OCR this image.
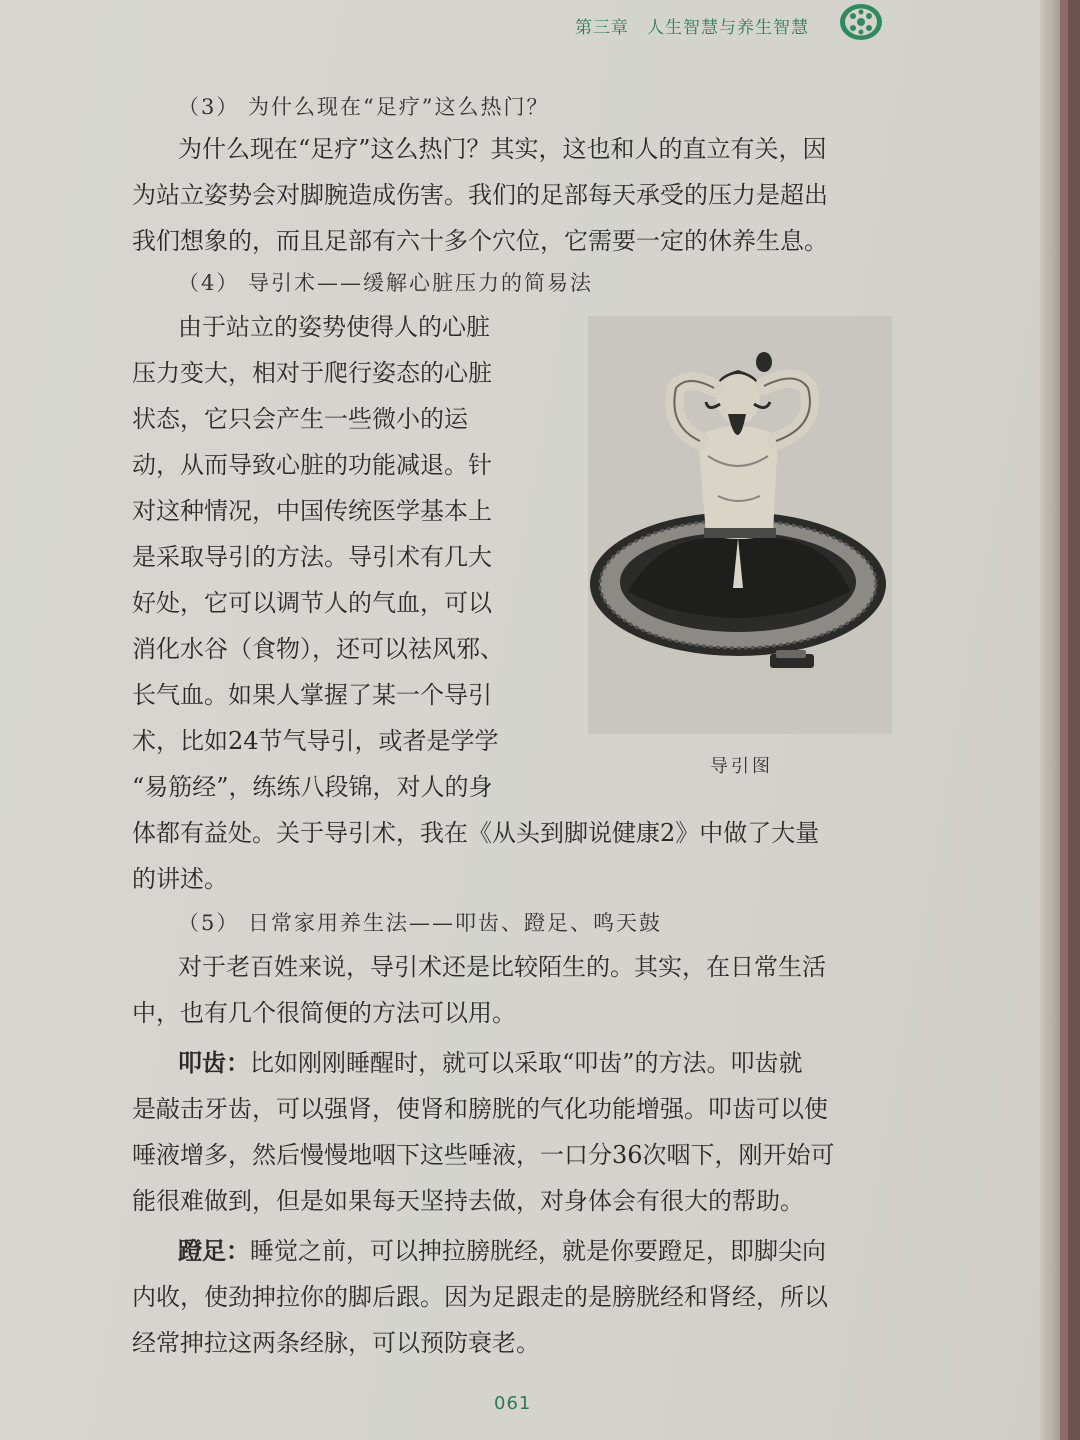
第三章 人生智慧与养生智慧
（3） 为什么现在“足疗”这么热门？
为什么现在“足疗”这么热门？其实，这也和人的直立有关，因
为站立姿势会对脚腕造成伤害。我们的足部每天承受的压力是超出
我们想象的，而且足部有六十多个穴位，它需要一定的休养生息。
（4） 导引术——缓解心脏压力的简易法
由于站立的姿势使得人的心脏
压力变大，相对于爬行姿态的心脏
状态，它只会产生一些微小的运
动，从而导致心脏的功能减退。针
对这种情况，中国传统医学基本上
是采取导引的方法。导引术有几大
好处，它可以调节人的气血，可以
消化水谷（食物），还可以祛风邪、
长气血。如果人掌握了某一个导引
术，比如24节气导引，或者是学学
“易筋经”，练练八段锦，对人的身
体都有益处。关于导引术，我在《从头到脚说健康2》中做了大量
的讲述。
导引图
（5） 日常家用养生法——叩齿、蹬足、鸣天鼓
对于老百姓来说，导引术还是比较陌生的。其实，在日常生活
中，也有几个很简便的方法可以用。
叩齿：比如刚刚睡醒时，就可以采取“叩齿”的方法。叩齿就
是敲击牙齿，可以强肾，使肾和膀胱的气化功能增强。叩齿可以使
唾液增多，然后慢慢地咽下这些唾液，一口分36次咽下，刚开始可
能很难做到，但是如果每天坚持去做，对身体会有很大的帮助。
蹬足：睡觉之前，可以抻拉膀胱经，就是你要蹬足，即脚尖向
内收，使劲抻拉你的脚后跟。因为足跟走的是膀胱经和肾经，所以
经常抻拉这两条经脉，可以预防衰老。
061
